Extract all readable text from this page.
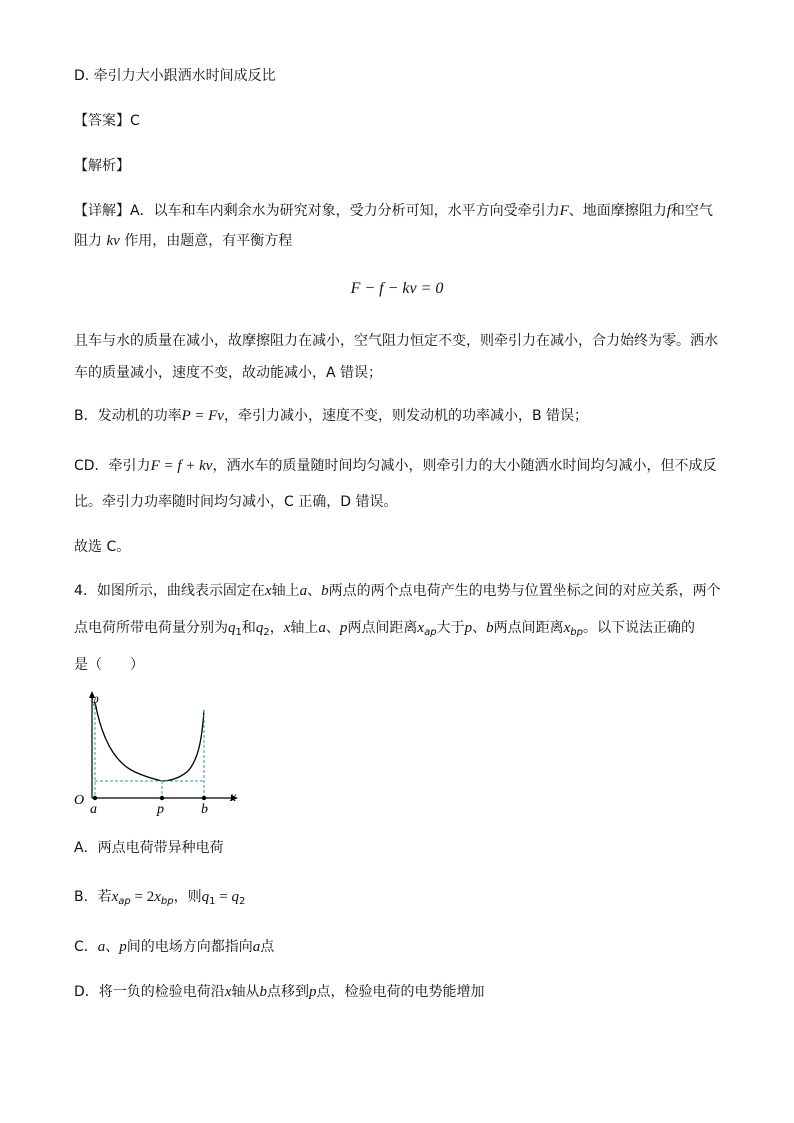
D. 牵引力大小跟洒水时间成反比
【答案】C
【解析】
【详解】A．以车和车内剩余水为研究对象，受力分析可知，水平方向受牵引力F、地面摩擦阻力f和空气
阻力 kv 作用，由题意，有平衡方程
F − f − kv = 0
且车与水的质量在减小，故摩擦阻力在减小，空气阻力恒定不变，则牵引力在减小，合力始终为零。洒水
车的质量减小，速度不变，故动能减小，A 错误；
B．发动机的功率P = Fv，牵引力减小，速度不变，则发动机的功率减小，B 错误；
CD．牵引力F = f + kv，洒水车的质量随时间均匀减小，则牵引力的大小随洒水时间均匀减小，但不成反
比。牵引力功率随时间均匀减小，C 正确，D 错误。
故选 C。
4．如图所示，曲线表示固定在x轴上a、b两点的两个点电荷产生的电势与位置坐标之间的对应关系，两个
点电荷所带电荷量分别为$q_1$和$q_2$，x轴上a、p两点间距离$x_{ap}$大于p、b两点间距离$x_{bp}$。以下说法正确的
是（　　）
φ
O
a	p	b
x
A．两点电荷带异种电荷
B．若$x_{ap} = 2x_{bp}$，则$q_1 = q_2$
C．a、p间的电场方向都指向a点
D．将一负的检验电荷沿x轴从b点移到p点，检验电荷的电势能增加
